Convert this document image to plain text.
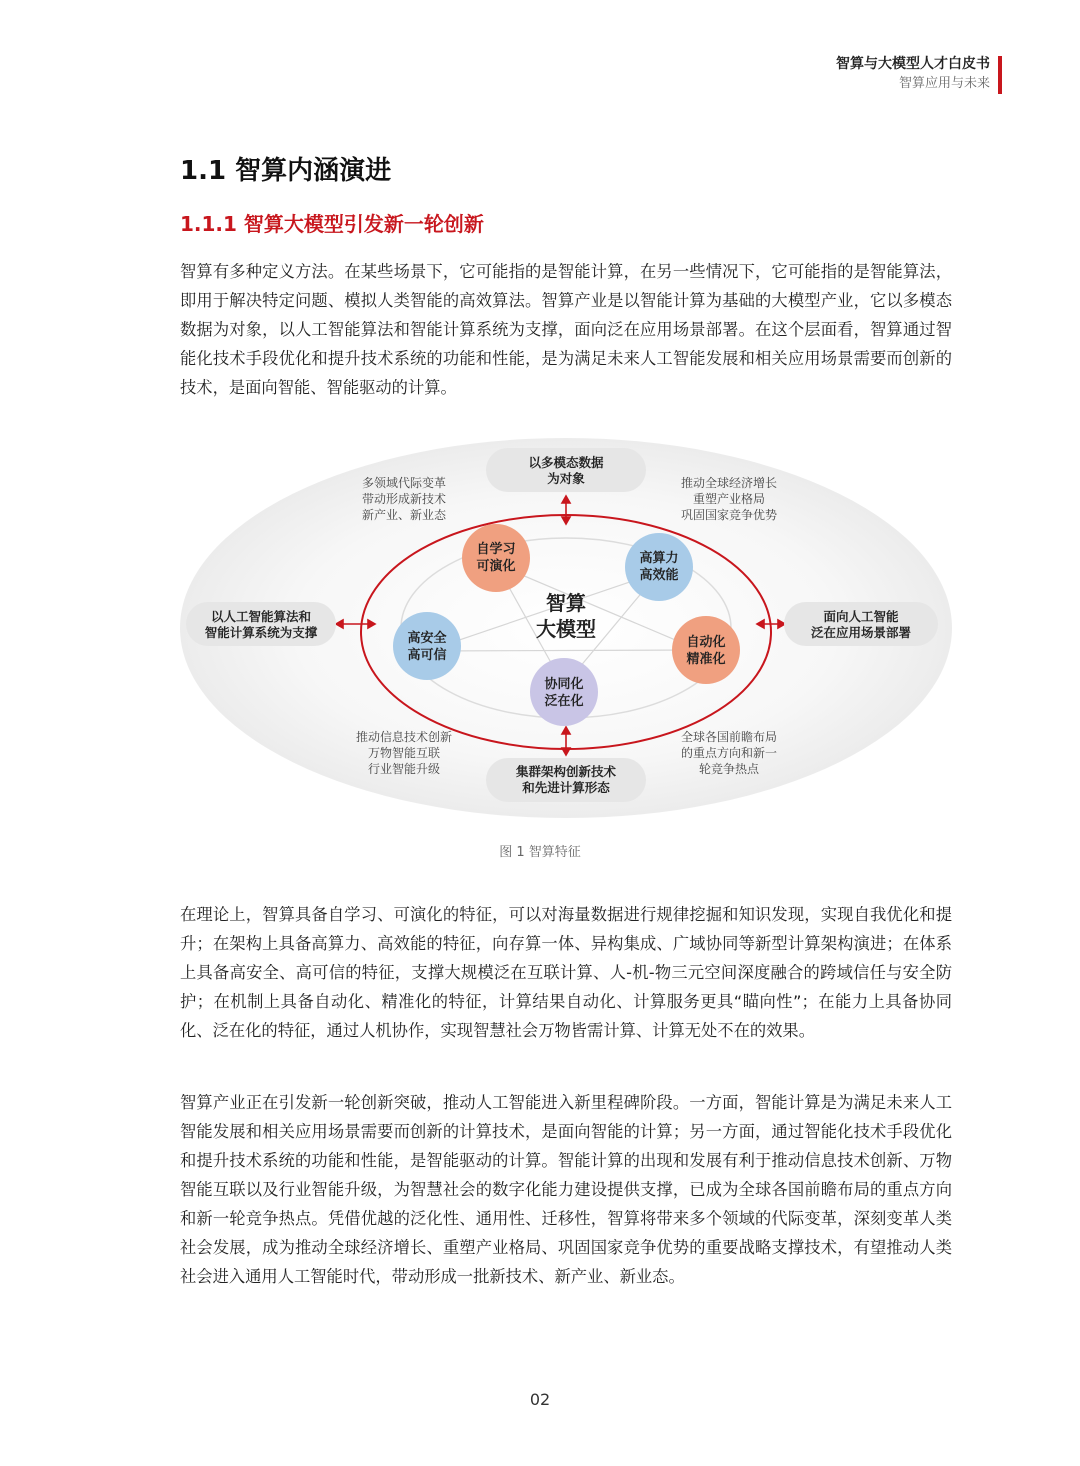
智算与大模型人才白皮书
智算应用与未来
1.1 智算内涵演进
1.1.1 智算大模型引发新一轮创新

智算有多种定义方法。在某些场景下，它可能指的是智能计算，在另一些情况下，它可能指的是智能算法，即用于解决特定问题、模拟人类智能的高效算法。智算产业是以智能计算为基础的大模型产业，它以多模态数据为对象，以人工智能算法和智能计算系统为支撑，面向泛在应用场景部署。在这个层面看，智算通过智能化技术手段优化和提升技术系统的功能和性能，是为满足未来人工智能发展和相关应用场景需要而创新的技术，是面向智能、智能驱动的计算。

以多模态数据
为对象
集群架构创新技术
和先进计算形态
以人工智能算法和
智能计算系统为支撑
面向人工智能
泛在应用场景部署
多领域代际变革
带动形成新技术
新产业、新业态
推动全球经济增长
重塑产业格局
巩固国家竞争优势
推动信息技术创新
万物智能互联
行业智能升级
全球各国前瞻布局
的重点方向和新一
轮竞争热点
智算
大模型
自学习
可演化
高算力
高效能
自动化
精准化
协同化
泛在化
高安全
高可信
图 1 智算特征

在理论上，智算具备自学习、可演化的特征，可以对海量数据进行规律挖掘和知识发现，实现自我优化和提升；在架构上具备高算力、高效能的特征，向存算一体、异构集成、广域协同等新型计算架构演进；在体系上具备高安全、高可信的特征，支撑大规模泛在互联计算、人-机-物三元空间深度融合的跨域信任与安全防护；在机制上具备自动化、精准化的特征，计算结果自动化、计算服务更具“瞄向性”；在能力上具备协同化、泛在化的特征，通过人机协作，实现智慧社会万物皆需计算、计算无处不在的效果。

智算产业正在引发新一轮创新突破，推动人工智能进入新里程碑阶段。一方面，智能计算是为满足未来人工智能发展和相关应用场景需要而创新的计算技术，是面向智能的计算；另一方面，通过智能化技术手段优化和提升技术系统的功能和性能，是智能驱动的计算。智能计算的出现和发展有利于推动信息技术创新、万物智能互联以及行业智能升级，为智慧社会的数字化能力建设提供支撑，已成为全球各国前瞻布局的重点方向和新一轮竞争热点。凭借优越的泛化性、通用性、迁移性，智算将带来多个领域的代际变革，深刻变革人类社会发展，成为推动全球经济增长、重塑产业格局、巩固国家竞争优势的重要战略支撑技术，有望推动人类社会进入通用人工智能时代，带动形成一批新技术、新产业、新业态。

02
